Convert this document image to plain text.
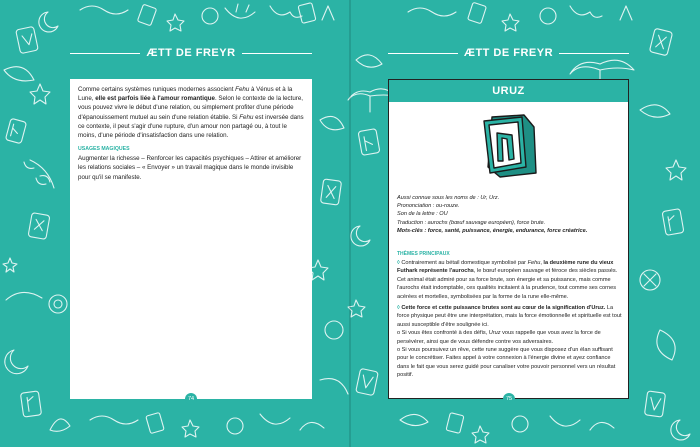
ÆTT DE FREYR

Comme certains systèmes runiques modernes associent Fehu à Vénus et à la Lune, elle est parfois liée à l'amour romantique. Selon le contexte de la lecture, vous pouvez vivre le début d'une relation, ou simplement profiter d'une période d'épanouissement mutuel au sein d'une relation établie. Si Fehu est inversée dans ce contexte, il peut s'agir d'une rupture, d'un amour non partagé ou, à tout le moins, d'une période d'insatisfaction dans une relation.

USAGES MAGIQUES

Augmenter la richesse – Renforcer les capacités psychiques – Attirer et améliorer les relations sociales – « Envoyer » un travail magique dans le monde invisible pour qu'il se manifeste.

74
ÆTT DE FREYR
URUZ

Aussi connue sous les noms de : Ur, Urz.

Prononciation : ou-rouze.

Son de la lettre : OU

Traduction : aurochs (bœuf sauvage européen), force brute.

Mots-clés : force, santé, puissance, énergie, endurance, force créatrice.

THÈMES PRINCIPAUX

◊ Contrairement au bétail domestique symbolisé par Fehu, la deuxième rune du vieux Futhark représente l'aurochs, le bœuf européen sauvage et féroce des siècles passés. Cet animal était admiré pour sa force brute, son énergie et sa puissance, mais comme l'aurochs était indomptable, ces qualités incitaient à la prudence, tout comme ses cornes acérées et mortelles, symbolisées par la forme de la rune elle-même.

◊ Cette force et cette puissance brutes sont au cœur de la signification d'Uruz. La force physique peut être une interprétation, mais la force émotionnelle et spirituelle est tout aussi susceptible d'être soulignée ici.

o Si vous êtes confronté à des défis, Uruz vous rappelle que vous avez la force de persévérer, ainsi que de vous défendre contre vos adversaires.

o Si vous poursuivez un rêve, cette rune suggère que vous disposez d'un élan suffisant pour le concrétiser. Faites appel à votre connexion à l'énergie divine et ayez confiance dans le fait que vous serez guidé pour canaliser votre pouvoir personnel vers un résultat positif.

75
